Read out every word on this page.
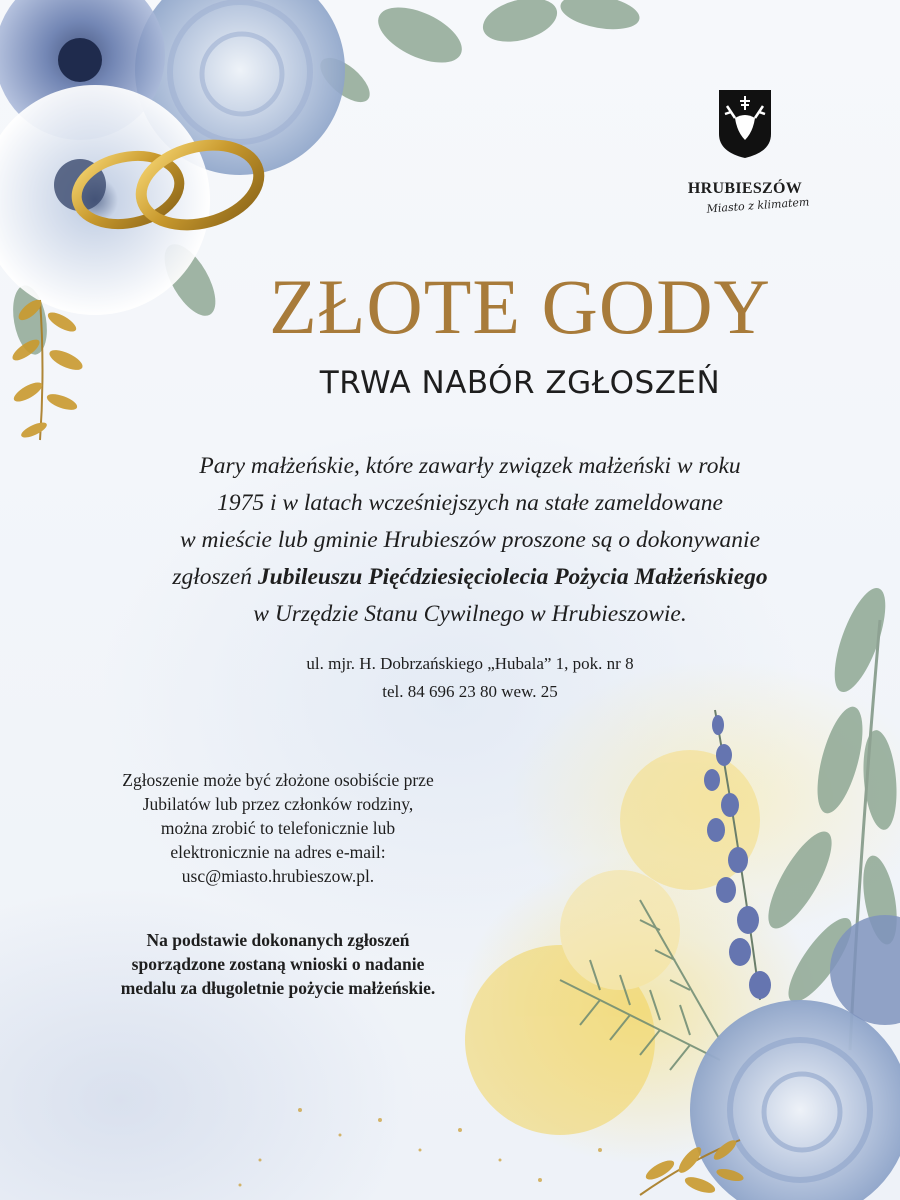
HRUBIESZÓW
Miasto z klimatem
ZŁOTE GODY
TRWA NABÓR ZGŁOSZEŃ
Pary małżeńskie, które zawarły związek małżeński w roku
1975 i w latach wcześniejszych na stałe zameldowane
w mieście lub gminie Hrubieszów proszone są o dokonywanie
zgłoszeń Jubileuszu Pięćdziesięciolecia Pożycia Małżeńskiego
w Urzędzie Stanu Cywilnego w Hrubieszowie.
ul. mjr. H. Dobrzańskiego „Hubala” 1, pok. nr 8
tel. 84 696 23 80 wew. 25
Zgłoszenie może być złożone osobiście prze
Jubilatów lub przez członków rodziny,
można zrobić to telefonicznie lub
elektronicznie na adres e-mail:
usc@miasto.hrubieszow.pl.
Na podstawie dokonanych zgłoszeń
sporządzone zostaną wnioski o nadanie
medalu za długoletnie pożycie małżeńskie.
